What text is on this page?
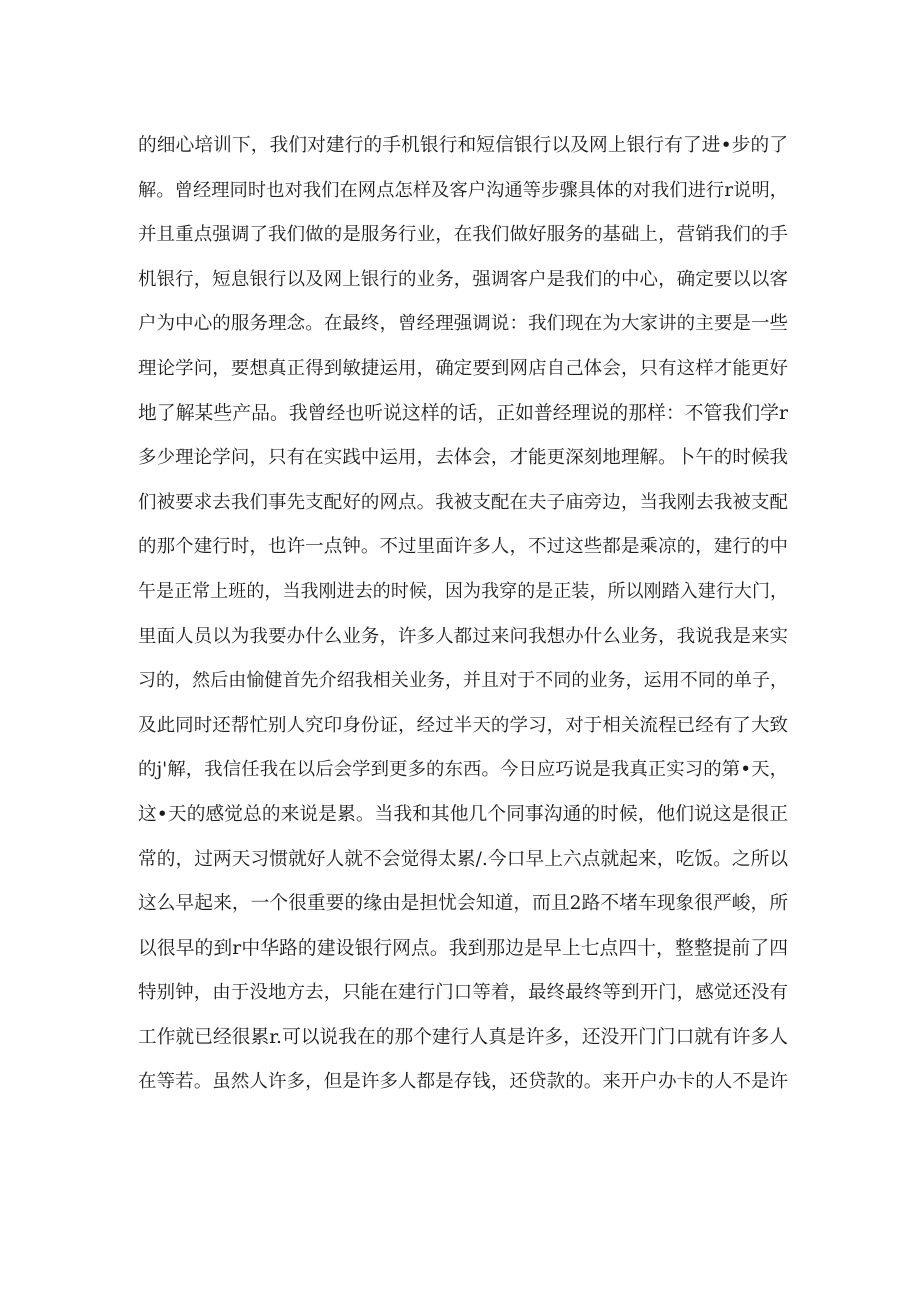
的细心培训下，我们对建行的手机银行和短信银行以及网上银行有了进•步的了
解。曾经理同时也对我们在网点怎样及客户沟通等步骤具体的对我们进行r说明，
并且重点强调了我们做的是服务行业，在我们做好服务的基础上，营销我们的手
机银行，短息银行以及网上银行的业务，强调客户是我们的中心，确定要以以客
户为中心的服务理念。在最终，曾经理强调说：我们现在为大家讲的主要是一些
理论学问，要想真正得到敏捷运用，确定要到网店自己体会，只有这样才能更好
地了解某些产品。我曾经也听说这样的话，正如普经理说的那样：不管我们学r
多少理论学问，只有在实践中运用，去体会，才能更深刻地理解。卜午的时候我
们被要求去我们事先支配好的网点。我被支配在夫子庙旁边，当我刚去我被支配
的那个建行时，也许一点钟。不过里面许多人，不过这些都是乘凉的，建行的中
午是正常上班的，当我刚进去的时候，因为我穿的是正装，所以刚踏入建行大门，
里面人员以为我要办什么业务，许多人都过来问我想办什么业务，我说我是来实
习的，然后由愉健首先介绍我相关业务，并且对于不同的业务，运用不同的单子，
及此同时还帮忙别人究印身份证，经过半天的学习，对于相关流程已经有了大致
的j'解，我信任我在以后会学到更多的东西。今日应巧说是我真正实习的第•天，
这•天的感觉总的来说是累。当我和其他几个同事沟通的时候，他们说这是很正
常的，过两天习惯就好人就不会觉得太累/.今口早上六点就起来，吃饭。之所以
这么早起来，一个很重要的缘由是担忧会知道，而且2路不堵车现象很严峻，所
以很早的到r中华路的建设银行网点。我到那边是早上七点四十，整整提前了四
特别钟，由于没地方去，只能在建行门口等着，最终最终等到开门，感觉还没有
工作就已经很累r.可以说我在的那个建行人真是许多，还没开门门口就有许多人
在等若。虽然人许多，但是许多人都是存钱，还贷款的。来开户办卡的人不是许
